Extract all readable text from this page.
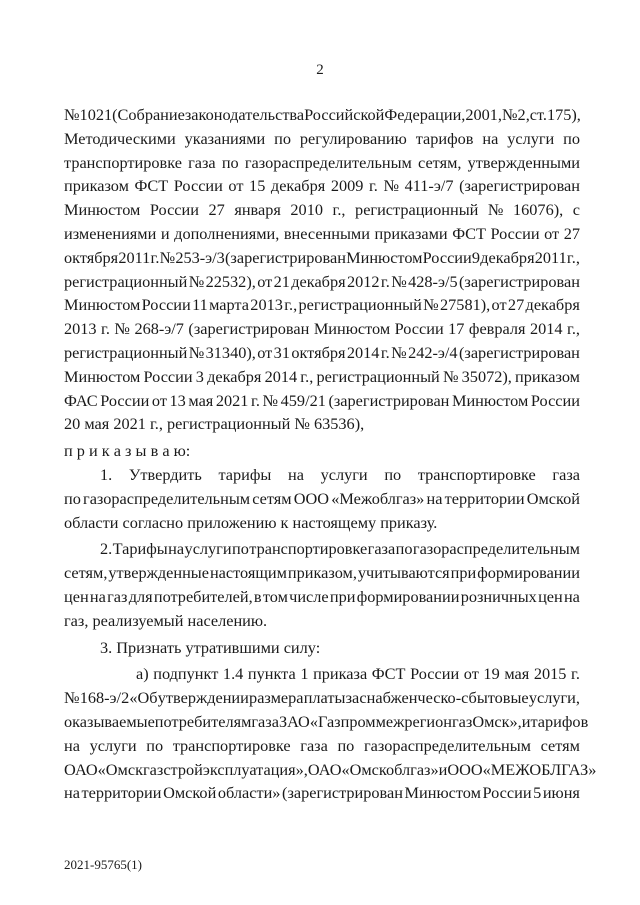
2
№ 1021 (Собрание законодательства Российской Федерации, 2001, № 2, ст. 175),
Методическими указаниями по регулированию тарифов на услуги по
транспортировке газа по газораспределительным сетям, утвержденными
приказом ФСТ России от 15 декабря 2009 г. № 411-э/7 (зарегистрирован
Минюстом России 27 января 2010 г., регистрационный № 16076), с
изменениями и дополнениями, внесенными приказами ФСТ России от 27
октября 2011 г. № 253-э/3 (зарегистрирован Минюстом России 9 декабря 2011 г.,
регистрационный № 22532), от 21 декабря 2012 г. № 428-э/5 (зарегистрирован
Минюстом России 11 марта 2013 г., регистрационный № 27581), от 27 декабря
2013 г. № 268-э/7 (зарегистрирован Минюстом России 17 февраля 2014 г.,
регистрационный № 31340), от 31 октября 2014 г. № 242-э/4 (зарегистрирован
Минюстом России 3 декабря 2014 г., регистрационный № 35072), приказом
ФАС России от 13 мая 2021 г. № 459/21 (зарегистрирован Минюстом России
20 мая 2021 г., регистрационный № 63536),
п р и к а з ы в а ю:
1. Утвердить тарифы на услуги по транспортировке газа
по газораспределительным сетям ООО «Межоблгаз» на территории Омской
области согласно приложению к настоящему приказу.
2. Тарифы на услуги по транспортировке газа по газораспределительным
сетям, утвержденные настоящим приказом, учитываются при формировании
цен на газ для потребителей, в том числе при формировании розничных цен на
газ, реализуемый населению.
3. Признать утратившими силу:
а) подпункт 1.4 пункта 1 приказа ФСТ России от 19 мая 2015 г.
№ 168-э/2 «Об утверждении размера платы за снабженческо-сбытовые услуги,
оказываемые потребителям газа ЗАО «Газпром межрегионгаз Омск», и тарифов
на услуги по транспортировке газа по газораспределительным сетям
ОАО «Омскгазстройэксплуатация», ОАО «Омскоблгаз» и ООО «МЕЖОБЛГАЗ»
на территории Омской области» (зарегистрирован Минюстом России 5 июня
2021-95765(1)
